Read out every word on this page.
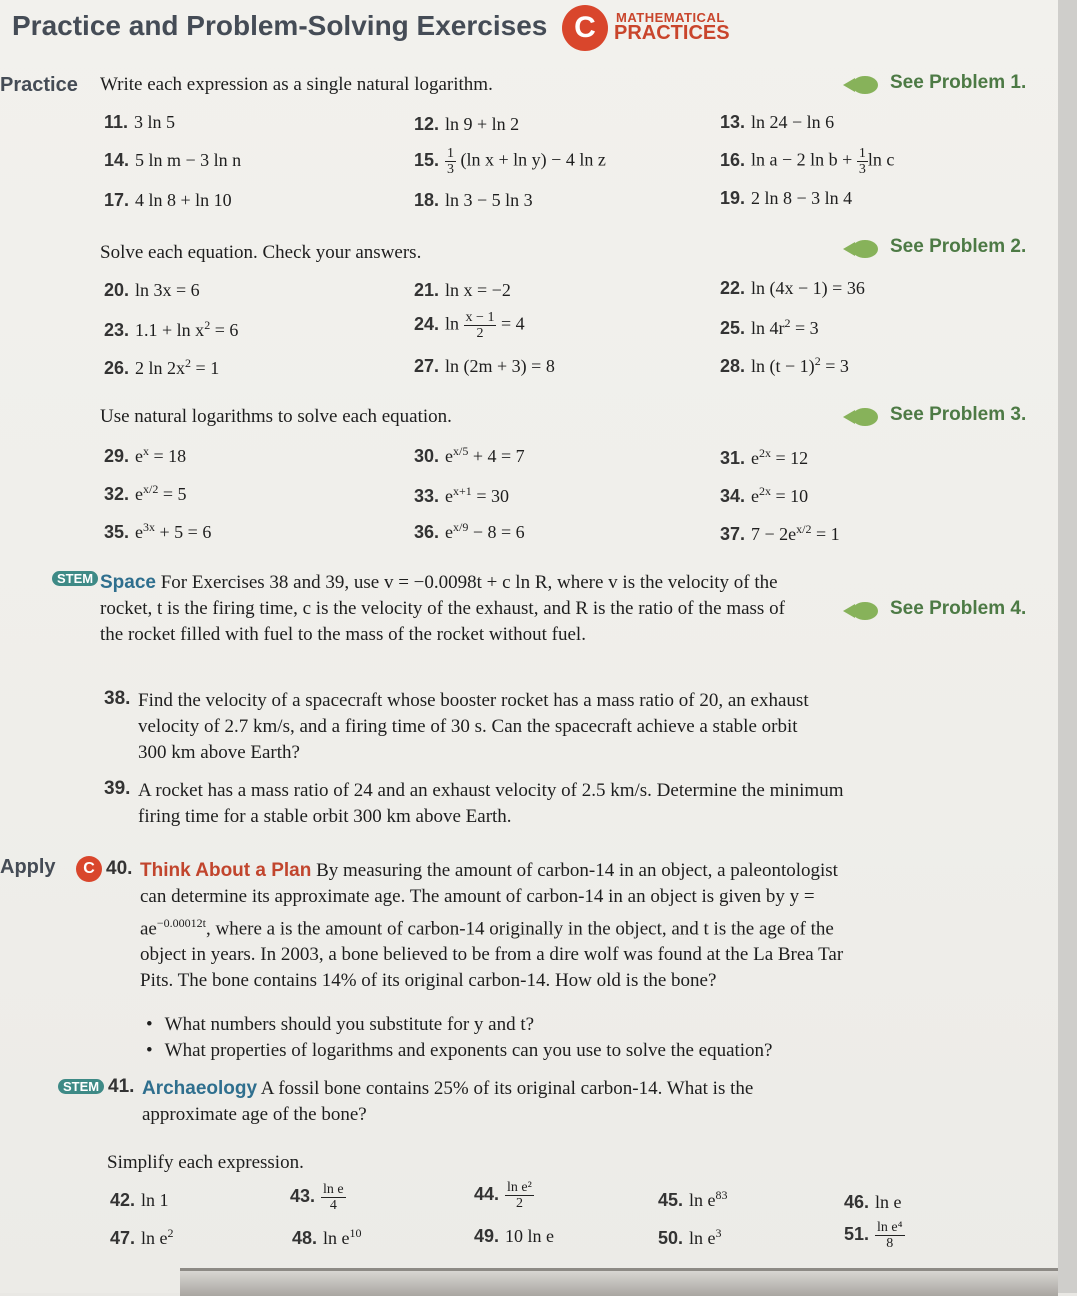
Practice and Problem-Solving Exercises C	MATHEMATICAL
PRACTICES
Practice
Apply
Write each expression as a single natural logarithm.	See Problem 1.
11. 3 ln 5	12. ln 9 + ln 2	13. ln 24 − ln 6
14. 5 ln m − 3 ln n	15. $\frac{1}{3} (\ln$ x + ln y) − 4 ln z	16. ln a − 2 $\ln b + \frac{1}{3}$ ln c
17. 4 ln 8 + ln 10	18. ln 3 − 5 ln 3	19. 2 ln 8 − 3 ln 4
Solve each equation. Check your answers.	See Problem 2.
20. ln 3x = 6	21. ln x = −2	22. ln (4x − 1) = 36
23. $1.1 + \ln x^2 = 6$	24. $\ln \frac{x - 1}{2} = 4$	25. $\ln 4r^2 = 3$
26. 2 $\ln 2x^2 = 1$	27. ln (2m + 3) = 8	28. $\ln (t - 1)^2 = 3$
Use natural logarithms to solve each equation.	See Problem 3.
29. $e^x = 18$	30. $e^{x/5} + 4 = 7$	31. $e^{2x} = 12$
32. $e^{x/2} = 5$	33. $e^{x+1} = 30$	34. $e^{2x} = 10$
35. $e^{3x} + 5 = 6$	36. $e^{x/9} - 8 = 6$	37. $7 - 2e^{x/2} = 1$
STEM Space For Exercises 38 and 39, use v = −0.0098t + c ln R, where v is the velocity of the rocket, t is the firing time, c is the velocity of the exhaust, and R is the ratio of the mass of the rocket filled with fuel to the mass of the rocket without fuel.
See Problem 4.
38. Find the velocity of a spacecraft whose booster rocket has a mass ratio of 20, an exhaust velocity of 2.7 km/s, and a firing time of 30 s. Can the spacecraft achieve a stable orbit 300 km above Earth?
39. A rocket has a mass ratio of 24 and an exhaust velocity of 2.5 km/s. Determine the minimum firing time for a stable orbit 300 km above Earth.
C 40. Think About a Plan By measuring the amount of carbon-14 in an object, a paleontologist can determine its approximate age. The amount of carbon-14 in an object is given by $y = ae^{-0.00012t}$, where a is the amount of carbon-14 originally in the object, and t is the age of the object in years. In 2003, a bone believed to be from a dire wolf was found at the La Brea Tar Pits. The bone contains 14% of its original carbon-14. How old is the bone?
• What numbers should you substitute for y and t?
• What properties of logarithms and exponents can you use to solve the equation?
STEM 41. Archaeology A fossil bone contains 25% of its original carbon-14. What is the approximate age of the bone?
Simplify each expression.
42. ln 1	43. $\frac{\text{ln e}}{4}$	44. $\frac{\text{ln e²}}{2}$	45. $\ln e^{83}$	46. ln e
47. $\ln e^2$	48. $\ln e^{10}$	49. 10 ln e	50. $\ln e^3$	51. $\frac{\text{ln e⁴}}{8}$
